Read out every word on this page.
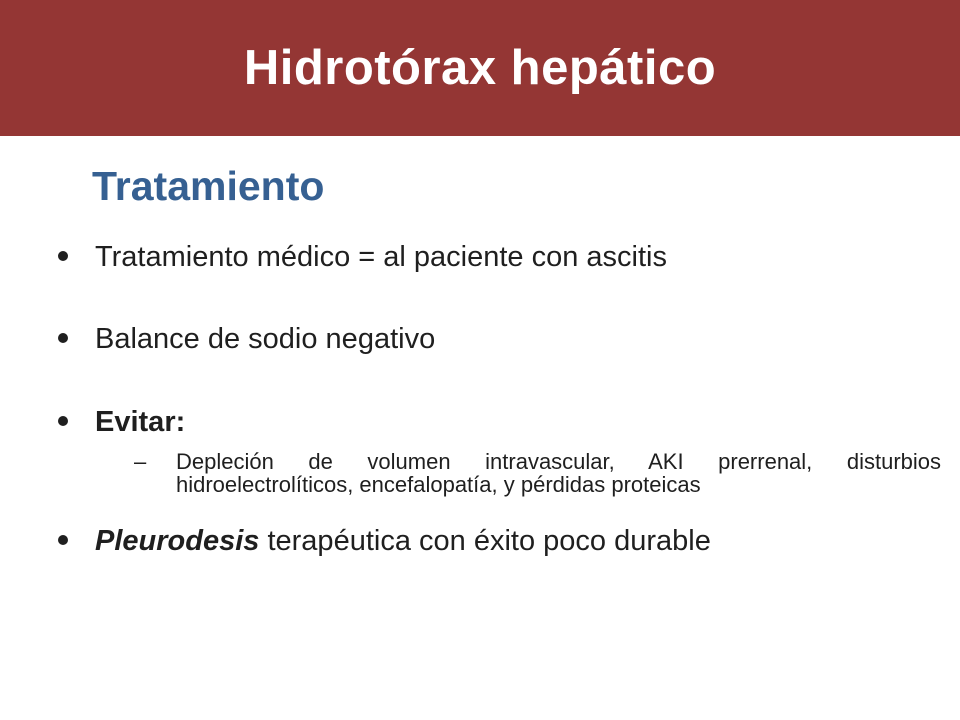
Hidrotórax hepático
Tratamiento
Tratamiento médico = al paciente con ascitis
Balance de sodio negativo
Evitar:
– Depleción de volumen intravascular, AKI prerrenal, disturbios hidroelectrolíticos, encefalopatía, y pérdidas proteicas
Pleurodesis terapéutica con éxito poco durable
